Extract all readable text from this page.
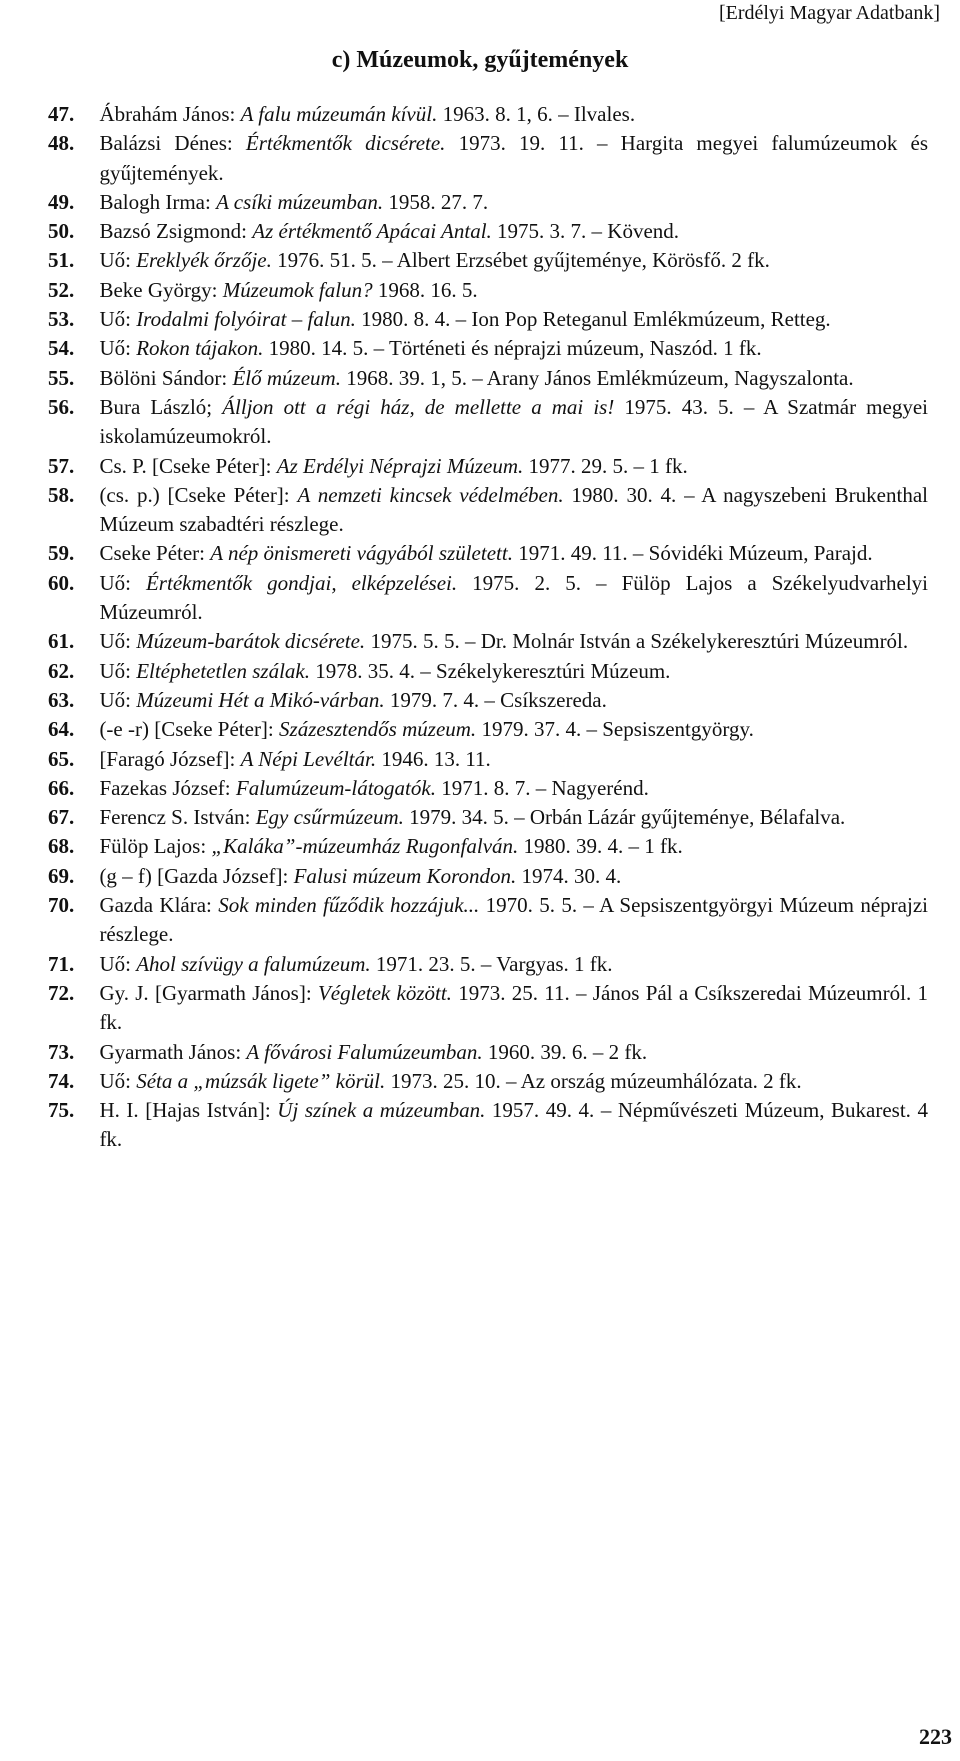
[Erdélyi Magyar Adatbank]
c) Múzeumok, gyűjtemények
47. Ábrahám János: A falu múzeumán kívül. 1963. 8. 1, 6. – Ilvales.
48. Balázsi Dénes: Értékmentők dicsérete. 1973. 19. 11. – Hargita megyei falumúzeumok és gyűjtemények.
49. Balogh Irma: A csíki múzeumban. 1958. 27. 7.
50. Bazsó Zsigmond: Az értékmentő Apácai Antal. 1975. 3. 7. – Kövend.
51. Uő: Ereklyék őrzője. 1976. 51. 5. – Albert Erzsébet gyűjteménye, Körösfő. 2 fk.
52. Beke György: Múzeumok falun? 1968. 16. 5.
53. Uő: Irodalmi folyóirat – falun. 1980. 8. 4. – Ion Pop Reteganul Emlékmúzeum, Retteg.
54. Uő: Rokon tájakon. 1980. 14. 5. – Történeti és néprajzi múzeum, Naszód. 1 fk.
55. Bölöni Sándor: Élő múzeum. 1968. 39. 1, 5. – Arany János Emlékmúzeum, Nagyszalonta.
56. Bura László; Álljon ott a régi ház, de mellette a mai is! 1975. 43. 5. – A Szatmár megyei iskolamúzeumokról.
57. Cs. P. [Cseke Péter]: Az Erdélyi Néprajzi Múzeum. 1977. 29. 5. – 1 fk.
58. (cs. p.) [Cseke Péter]: A nemzeti kincsek védelmében. 1980. 30. 4. – A nagyszebeni Brukenthal Múzeum szabadtéri részlege.
59. Cseke Péter: A nép önismereti vágyából született. 1971. 49. 11. – Sóvidéki Múzeum, Parajd.
60. Uő: Értékmentők gondjai, elképzelései. 1975. 2. 5. – Fülöp Lajos a Székelyudvarhelyi Múzeumról.
61. Uő: Múzeum-barátok dicsérete. 1975. 5. 5. – Dr. Molnár István a Székelykeresztúri Múzeumról.
62. Uő: Eltéphetetlen szálak. 1978. 35. 4. – Székelykeresztúri Múzeum.
63. Uő: Múzeumi Hét a Mikó-várban. 1979. 7. 4. – Csíkszereda.
64. (-e -r) [Cseke Péter]: Százesztendős múzeum. 1979. 37. 4. – Sepsiszentgyörgy.
65. [Faragó József]: A Népi Levéltár. 1946. 13. 11.
66. Fazekas József: Falumúzeum-látogatók. 1971. 8. 7. – Nagyerénd.
67. Ferencz S. István: Egy csűrmúzeum. 1979. 34. 5. – Orbán Lázár gyűjteménye, Bélafalva.
68. Fülöp Lajos: „Kaláka”-múzeumház Rugonfalván. 1980. 39. 4. – 1 fk.
69. (g – f) [Gazda József]: Falusi múzeum Korondon. 1974. 30. 4.
70. Gazda Klára: Sok minden fűződik hozzájuk... 1970. 5. 5. – A Sepsiszentgyörgyi Múzeum néprajzi részlege.
71. Uő: Ahol szívügy a falumúzeum. 1971. 23. 5. – Vargyas. 1 fk.
72. Gy. J. [Gyarmath János]: Végletek között. 1973. 25. 11. – János Pál a Csíkszeredai Múzeumról. 1 fk.
73. Gyarmath János: A fővárosi Falumúzeumban. 1960. 39. 6. – 2 fk.
74. Uő: Séta a „múzsák ligete” körül. 1973. 25. 10. – Az ország múzeumhálózata. 2 fk.
75. H. I. [Hajas István]: Új színek a múzeumban. 1957. 49. 4. – Népművészeti Múzeum, Bukarest. 4 fk.
223
